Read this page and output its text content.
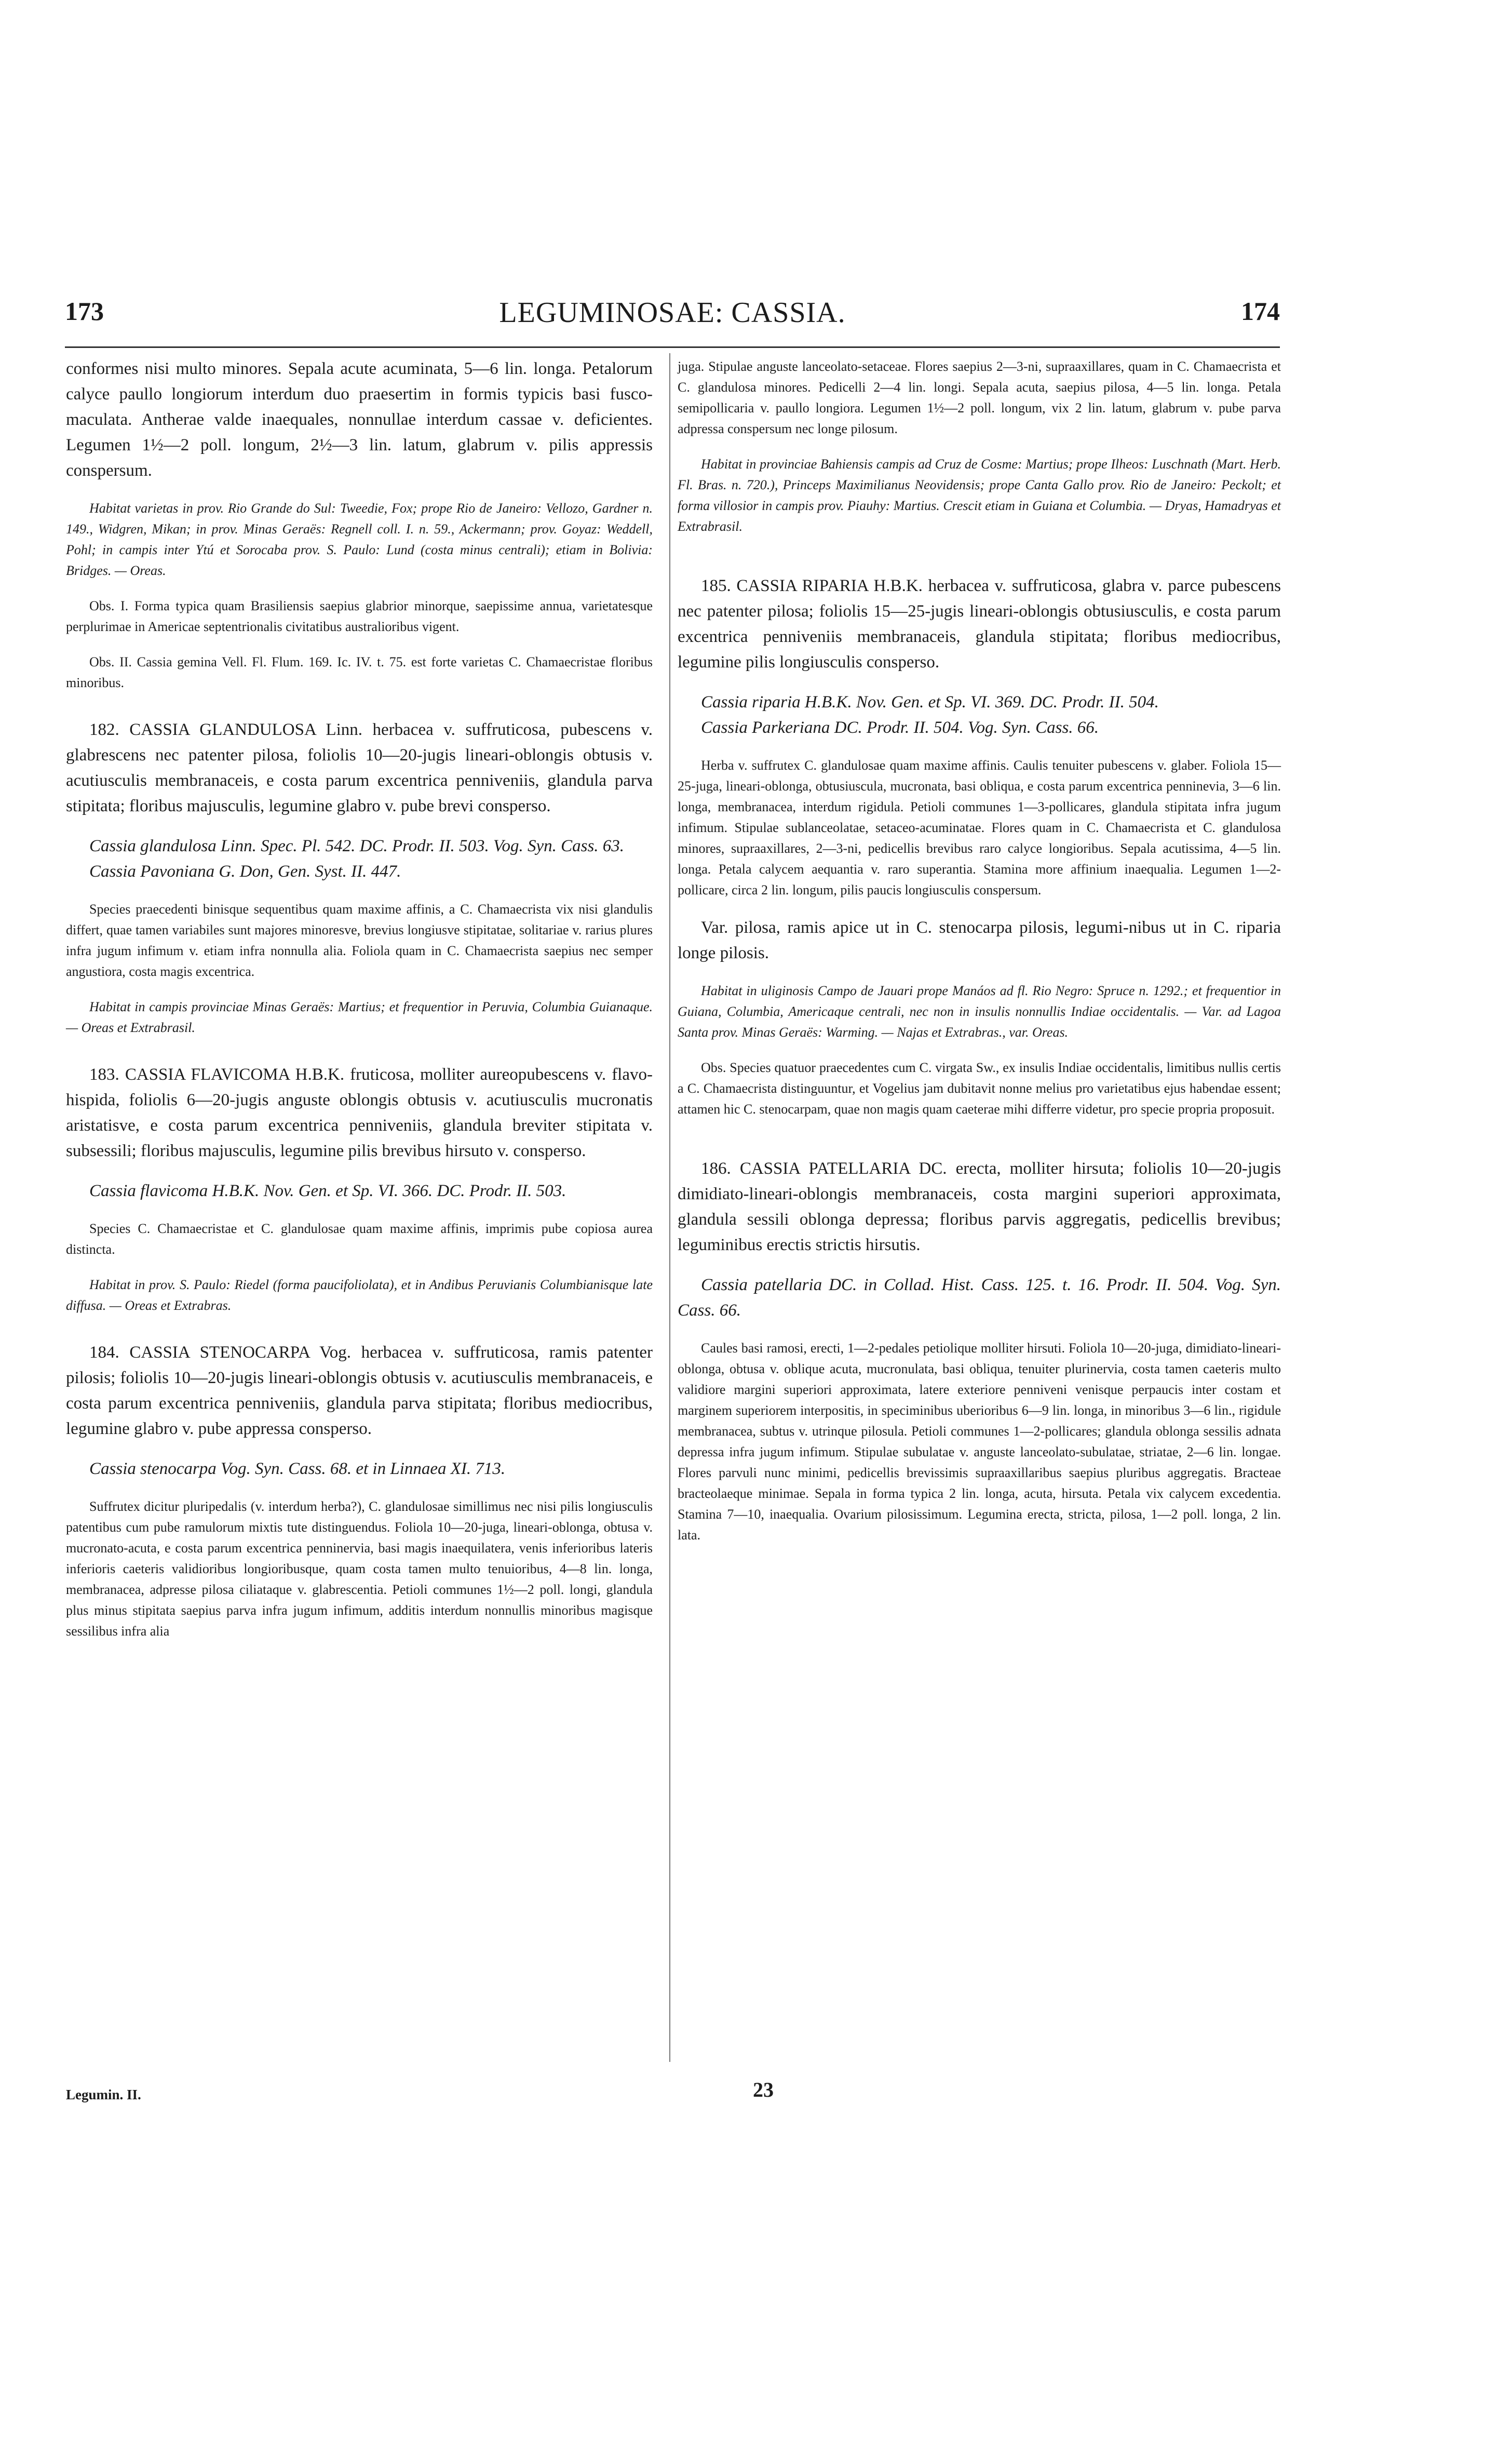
173	LEGUMINOSAE: CASSIA.	174

conformes nisi multo minores. Sepala acute acuminata, 5—6 lin. longa. Petalorum calyce paullo longiorum interdum duo praesertim in formis typicis basi fusco-maculata. Antherae valde inaequales, nonnullae interdum cassae v. deficientes. Legumen 1½—2 poll. longum, 2½—3 lin. latum, glabrum v. pilis appressis conspersum.

Habitat varietas in prov. Rio Grande do Sul: Tweedie, Fox; prope Rio de Janeiro: Vellozo, Gardner n. 149., Widgren, Mikan; in prov. Minas Geraës: Regnell coll. I. n. 59., Ackermann; prov. Goyaz: Weddell, Pohl; in campis inter Ytú et Sorocaba prov. S. Paulo: Lund (costa minus centrali); etiam in Bolivia: Bridges. — Oreas.

Obs. I. Forma typica quam Brasiliensis saepius glabrior minorque, saepissime annua, varietatesque perplurimae in Americae septentrionalis civitatibus australioribus vigent.

Obs. II. Cassia gemina Vell. Fl. Flum. 169. Ic. IV. t. 75. est forte varietas C. Chamaecristae floribus minoribus.

182. CASSIA GLANDULOSA Linn. herbacea v. suffruticosa, pubescens v. glabrescens nec patenter pilosa, foliolis 10—20-jugis lineari-oblongis obtusis v. acutiusculis membranaceis, e costa parum excentrica penniveniis, glandula parva stipitata; floribus majusculis, legumine glabro v. pube brevi consperso.

Cassia glandulosa Linn. Spec. Pl. 542. DC. Prodr. II. 503. Vog. Syn. Cass. 63.

Cassia Pavoniana G. Don, Gen. Syst. II. 447.

Species praecedenti binisque sequentibus quam maxime affinis, a C. Chamaecrista vix nisi glandulis differt, quae tamen variabiles sunt majores minoresve, brevius longiusve stipitatae, solitariae v. rarius plures infra jugum infimum v. etiam infra nonnulla alia. Foliola quam in C. Chamaecrista saepius nec semper angustiora, costa magis excentrica.

Habitat in campis provinciae Minas Geraës: Martius; et frequentior in Peruvia, Columbia Guianaque. — Oreas et Extrabrasil.

183. CASSIA FLAVICOMA H.B.K. fruticosa, molliter aureopubescens v. flavo-hispida, foliolis 6—20-jugis anguste oblongis obtusis v. acutiusculis mucronatis aristatisve, e costa parum excentrica penniveniis, glandula breviter stipitata v. subsessili; floribus majusculis, legumine pilis brevibus hirsuto v. consperso.

Cassia flavicoma H.B.K. Nov. Gen. et Sp. VI. 366. DC. Prodr. II. 503.

Species C. Chamaecristae et C. glandulosae quam maxime affinis, imprimis pube copiosa aurea distincta.

Habitat in prov. S. Paulo: Riedel (forma paucifoliolata), et in Andibus Peruvianis Columbianisque late diffusa. — Oreas et Extrabras.

184. CASSIA STENOCARPA Vog. herbacea v. suffruticosa, ramis patenter pilosis; foliolis 10—20-jugis lineari-oblongis obtusis v. acutiusculis membranaceis, e costa parum excentrica penniveniis, glandula parva stipitata; floribus mediocribus, legumine glabro v. pube appressa consperso.

Cassia stenocarpa Vog. Syn. Cass. 68. et in Linnaea XI. 713.

Suffrutex dicitur pluripedalis (v. interdum herba?), C. glandulosae simillimus nec nisi pilis longiusculis patentibus cum pube ramulorum mixtis tute distinguendus. Foliola 10—20-juga, lineari-oblonga, obtusa v. mucronato-acuta, e costa parum excentrica penninervia, basi magis inaequilatera, venis inferioribus lateris inferioris caeteris validioribus longioribusque, quam costa tamen multo tenuioribus, 4—8 lin. longa, membranacea, adpresse pilosa ciliataque v. glabrescentia. Petioli communes 1½—2 poll. longi, glandula plus minus stipitata saepius parva infra jugum infimum, additis interdum nonnullis minoribus magisque sessilibus infra alia

juga. Stipulae anguste lanceolato-setaceae. Flores saepius 2—3-ni, supraaxillares, quam in C. Chamaecrista et C. glandulosa minores. Pedicelli 2—4 lin. longi. Sepala acuta, saepius pilosa, 4—5 lin. longa. Petala semipollicaria v. paullo longiora. Legumen 1½—2 poll. longum, vix 2 lin. latum, glabrum v. pube parva adpressa conspersum nec longe pilosum.

Habitat in provinciae Bahiensis campis ad Cruz de Cosme: Martius; prope Ilheos: Luschnath (Mart. Herb. Fl. Bras. n. 720.), Princeps Maximilianus Neovidensis; prope Canta Gallo prov. Rio de Janeiro: Peckolt; et forma villosior in campis prov. Piauhy: Martius. Crescit etiam in Guiana et Columbia. — Dryas, Hamadryas et Extrabrasil.

185. CASSIA RIPARIA H.B.K. herbacea v. suffruticosa, glabra v. parce pubescens nec patenter pilosa; foliolis 15—25-jugis lineari-oblongis obtusiusculis, e costa parum excentrica penniveniis membranaceis, glandula stipitata; floribus mediocribus, legumine pilis longiusculis consperso.

Cassia riparia H.B.K. Nov. Gen. et Sp. VI. 369. DC. Prodr. II. 504.

Cassia Parkeriana DC. Prodr. II. 504. Vog. Syn. Cass. 66.

Herba v. suffrutex C. glandulosae quam maxime affinis. Caulis tenuiter pubescens v. glaber. Foliola 15—25-juga, lineari-oblonga, obtusiuscula, mucronata, basi obliqua, e costa parum excentrica penninevia, 3—6 lin. longa, membranacea, interdum rigidula. Petioli communes 1—3-pollicares, glandula stipitata infra jugum infimum. Stipulae sublanceolatae, setaceo-acuminatae. Flores quam in C. Chamaecrista et C. glandulosa minores, supraaxillares, 2—3-ni, pedicellis brevibus raro calyce longioribus. Sepala acutissima, 4—5 lin. longa. Petala calycem aequantia v. raro superantia. Stamina more affinium inaequalia. Legumen 1—2-pollicare, circa 2 lin. longum, pilis paucis longiusculis conspersum.

Var. pilosa, ramis apice ut in C. stenocarpa pilosis, legumi-nibus ut in C. riparia longe pilosis.

Habitat in uliginosis Campo de Jauari prope Manáos ad fl. Rio Negro: Spruce n. 1292.; et frequentior in Guiana, Columbia, Americaque centrali, nec non in insulis nonnullis Indiae occidentalis. — Var. ad Lagoa Santa prov. Minas Geraës: Warming. — Najas et Extrabras., var. Oreas.

Obs. Species quatuor praecedentes cum C. virgata Sw., ex insulis Indiae occidentalis, limitibus nullis certis a C. Chamaecrista distinguuntur, et Vogelius jam dubitavit nonne melius pro varietatibus ejus habendae essent; attamen hic C. stenocarpam, quae non magis quam caeterae mihi differre videtur, pro specie propria proposuit.

186. CASSIA PATELLARIA DC. erecta, molliter hirsuta; foliolis 10—20-jugis dimidiato-lineari-oblongis membranaceis, costa margini superiori approximata, glandula sessili oblonga depressa; floribus parvis aggregatis, pedicellis brevibus; leguminibus erectis strictis hirsutis.

Cassia patellaria DC. in Collad. Hist. Cass. 125. t. 16. Prodr. II. 504. Vog. Syn. Cass. 66.

Caules basi ramosi, erecti, 1—2-pedales petiolique molliter hirsuti. Foliola 10—20-juga, dimidiato-lineari-oblonga, obtusa v. oblique acuta, mucronulata, basi obliqua, tenuiter plurinervia, costa tamen caeteris multo validiore margini superiori approximata, latere exteriore penniveni venisque perpaucis inter costam et marginem superiorem interpositis, in speciminibus uberioribus 6—9 lin. longa, in minoribus 3—6 lin., rigidule membranacea, subtus v. utrinque pilosula. Petioli communes 1—2-pollicares; glandula oblonga sessilis adnata depressa infra jugum infimum. Stipulae subulatae v. anguste lanceolato-subulatae, striatae, 2—6 lin. longae. Flores parvuli nunc minimi, pedicellis brevissimis supraaxillaribus saepius pluribus aggregatis. Bracteae bracteolaeque minimae. Sepala in forma typica 2 lin. longa, acuta, hirsuta. Petala vix calycem excedentia. Stamina 7—10, inaequalia. Ovarium pilosissimum. Legumina erecta, stricta, pilosa, 1—2 poll. longa, 2 lin. lata.

Legumin. II.	23
